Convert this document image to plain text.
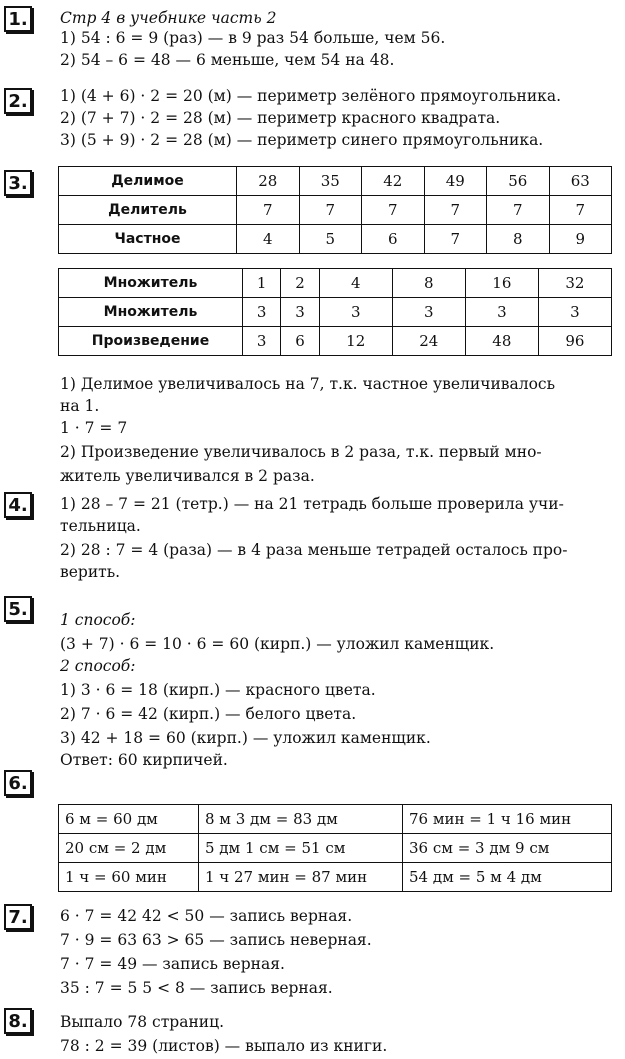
1. Стр 4 в учебнике часть 2
1) 54 : 6 = 9 (раз) — в 9 раз 54 больше, чем 56.
2) 54 – 6 = 48 — 6 меньше, чем 54 на 48.
2. 1) (4 + 6) · 2 = 20 (м) — периметр зелёного прямоугольника.
2) (7 + 7) · 2 = 28 (м) — периметр красного квадрата.
3) (5 + 9) · 2 = 28 (м) — периметр синего прямоугольника.
3.	Делимое	28	35	42	49	56	63
Делитель	7	7	7	7	7	7
Частное	4	5	6	7	8	9
Множитель	1	2	4	8	16	32
Множитель	3	3	3	3	3	3
Произведение	3	6	12	24	48	96
1) Делимое увеличивалось на 7, т.к. частное увеличивалось
на 1.
1 · 7 = 7
2) Произведение увеличивалось в 2 раза, т.к. первый мно-
житель увеличивался в 2 раза.
4. 1) 28 – 7 = 21 (тетр.) — на 21 тетрадь больше проверила учи-
тельница.
2) 28 : 7 = 4 (раза) — в 4 раза меньше тетрадей осталось про-
верить.
5.
1 способ:
(3 + 7) · 6 = 10 · 6 = 60 (кирп.) — уложил каменщик.
2 способ:
1) 3 · 6 = 18 (кирп.) — красного цвета.
2) 7 · 6 = 42 (кирп.) — белого цвета.
3) 42 + 18 = 60 (кирп.) — уложил каменщик.
Ответ: 60 кирпичей.
6.
6 м = 60 дм	8 м 3 дм = 83 дм	76 мин = 1 ч 16 мин
20 см = 2 дм	5 дм 1 см = 51 см	36 см = 3 дм 9 см
1 ч = 60 мин	1 ч 27 мин = 87 мин	54 дм = 5 м 4 дм
7. 6 · 7 = 42 42 < 50 — запись верная.
7 · 9 = 63 63 > 65 — запись неверная.
7 · 7 = 49 — запись верная.
35 : 7 = 5 5 < 8 — запись верная.
8. Выпало 78 страниц.
78 : 2 = 39 (листов) — выпало из книги.
